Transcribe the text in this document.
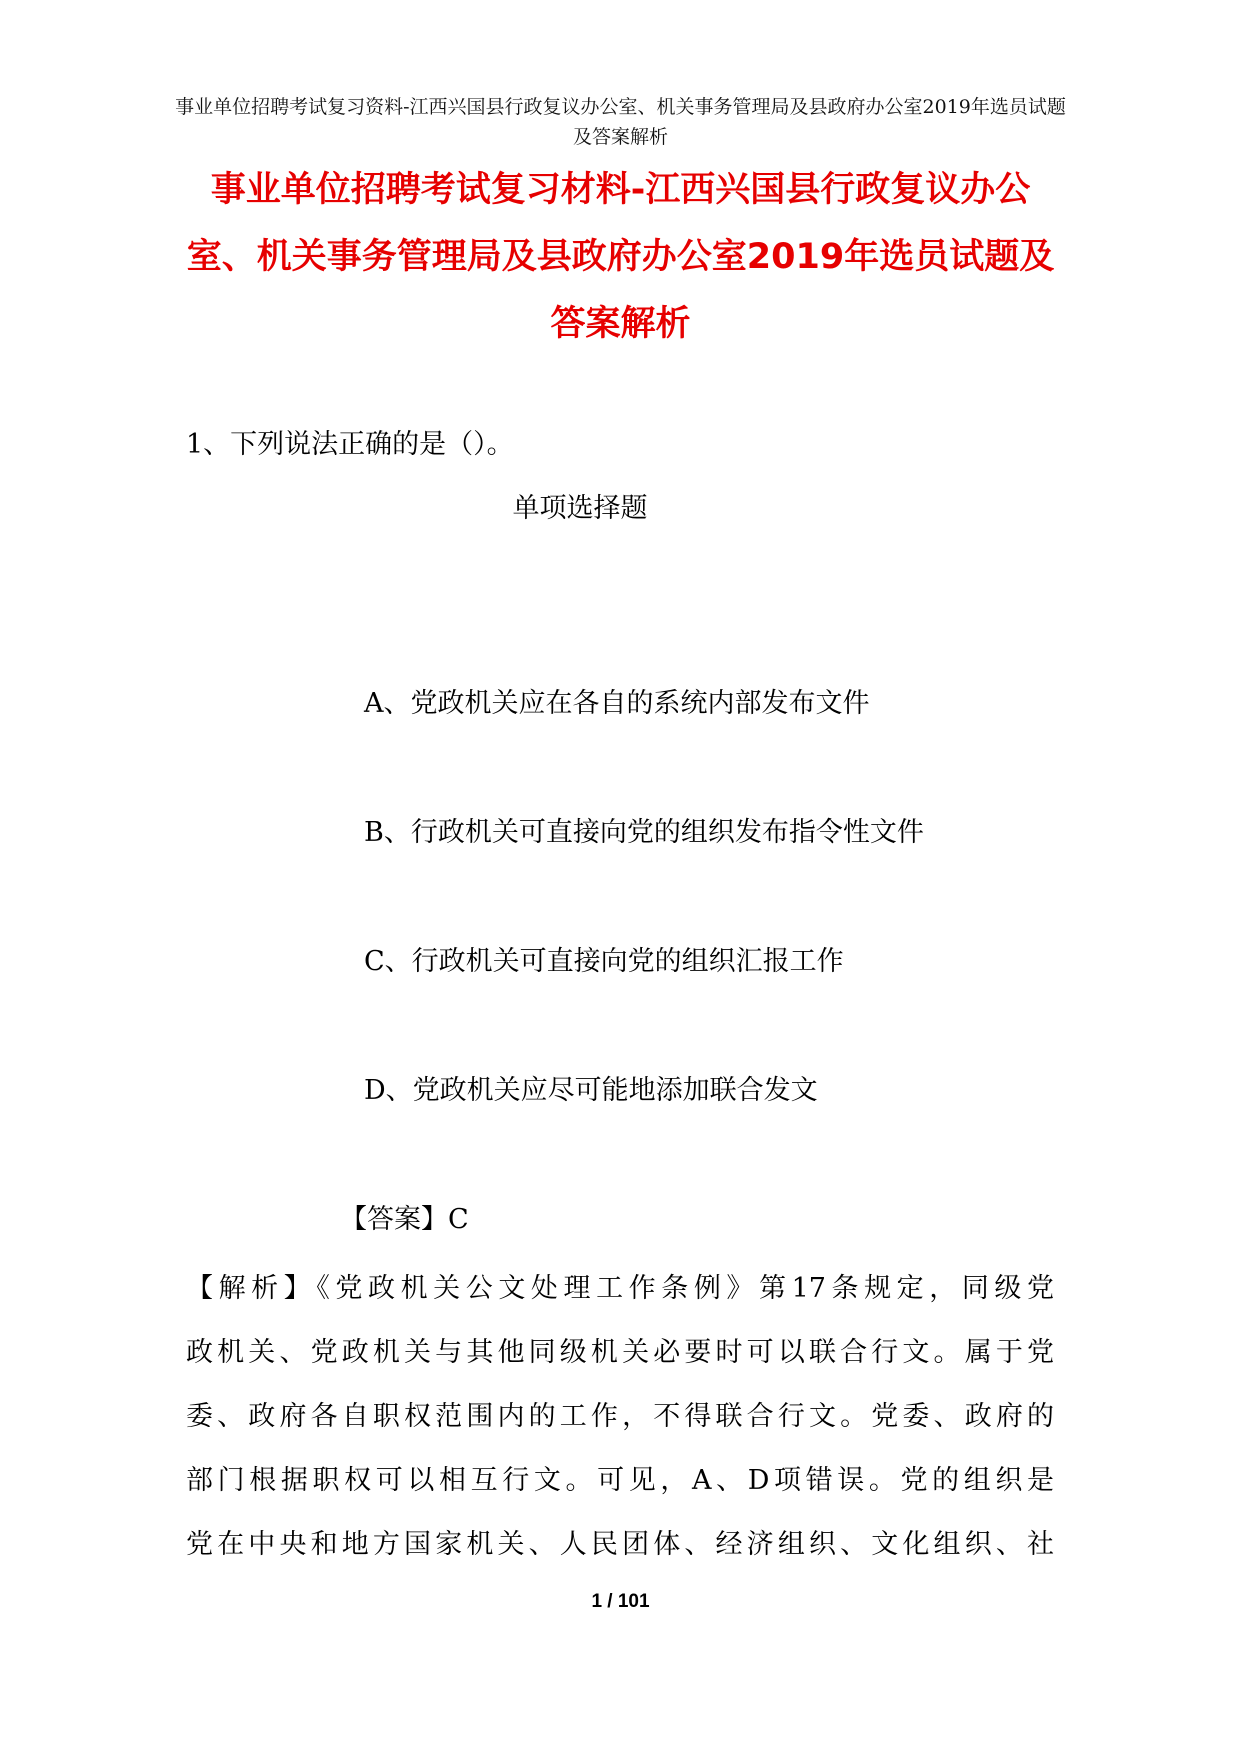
事业单位招聘考试复习资料-江西兴国县行政复议办公室、机关事务管理局及县政府办公室2019年选员试题及答案解析
事业单位招聘考试复习材料-江西兴国县行政复议办公室、机关事务管理局及县政府办公室2019年选员试题及答案解析
1、下列说法正确的是（）。
单项选择题
A、党政机关应在各自的系统内部发布文件
B、行政机关可直接向党的组织发布指令性文件
C、行政机关可直接向党的组织汇报工作
D、党政机关应尽可能地添加联合发文
【答案】C

【解析】《党政机关公文处理工作条例》第17条规定，同级党

政机关、党政机关与其他同级机关必要时可以联合行文。属于党

委、政府各自职权范围内的工作，不得联合行文。党委、政府的

部门根据职权可以相互行文。可见，A、D项错误。党的组织是

党在中央和地方国家机关、人民团体、经济组织、文化组织、社

1 / 101
